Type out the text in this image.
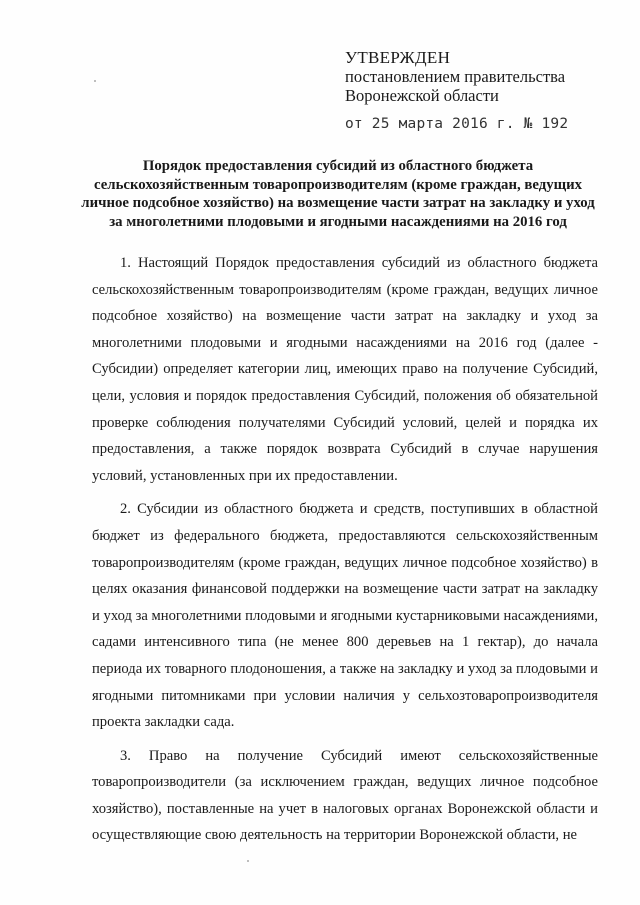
УТВЕРЖДЕН
постановлением правительства
Воронежской области
от 25 марта 2016 г. № 192
Порядок предоставления субсидий из областного бюджета сельскохозяйственным товаропроизводителям (кроме граждан, ведущих личное подсобное хозяйство) на возмещение части затрат на закладку и уход за многолетними плодовыми и ягодными насаждениями на 2016 год

1. Настоящий Порядок предоставления субсидий из областного бюджета сельскохозяйственным товаропроизводителям (кроме граждан, ведущих личное подсобное хозяйство) на возмещение части затрат на закладку и уход за многолетними плодовыми и ягодными насаждениями на 2016 год (далее - Субсидии) определяет категории лиц, имеющих право на получение Субсидий, цели, условия и порядок предоставления Субсидий, положения об обязательной проверке соблюдения получателями Субсидий условий, целей и порядка их предоставления, а также порядок возврата Субсидий в случае нарушения условий, установленных при их предоставлении.

2. Субсидии из областного бюджета и средств, поступивших в областной бюджет из федерального бюджета, предоставляются сельскохозяйственным товаропроизводителям (кроме граждан, ведущих личное подсобное хозяйство) в целях оказания финансовой поддержки на возмещение части затрат на закладку и уход за многолетними плодовыми и ягодными кустарниковыми насаждениями, садами интенсивного типа (не менее 800 деревьев на 1 гектар), до начала периода их товарного плодоношения, а также на закладку и уход за плодовыми и ягодными питомниками при условии наличия у сельхозтоваропроизводителя проекта закладки сада.

3. Право на получение Субсидий имеют сельскохозяйственные товаропроизводители (за исключением граждан, ведущих личное подсобное хозяйство), поставленные на учет в налоговых органах Воронежской области и осуществляющие свою деятельность на территории Воронежской области, не
